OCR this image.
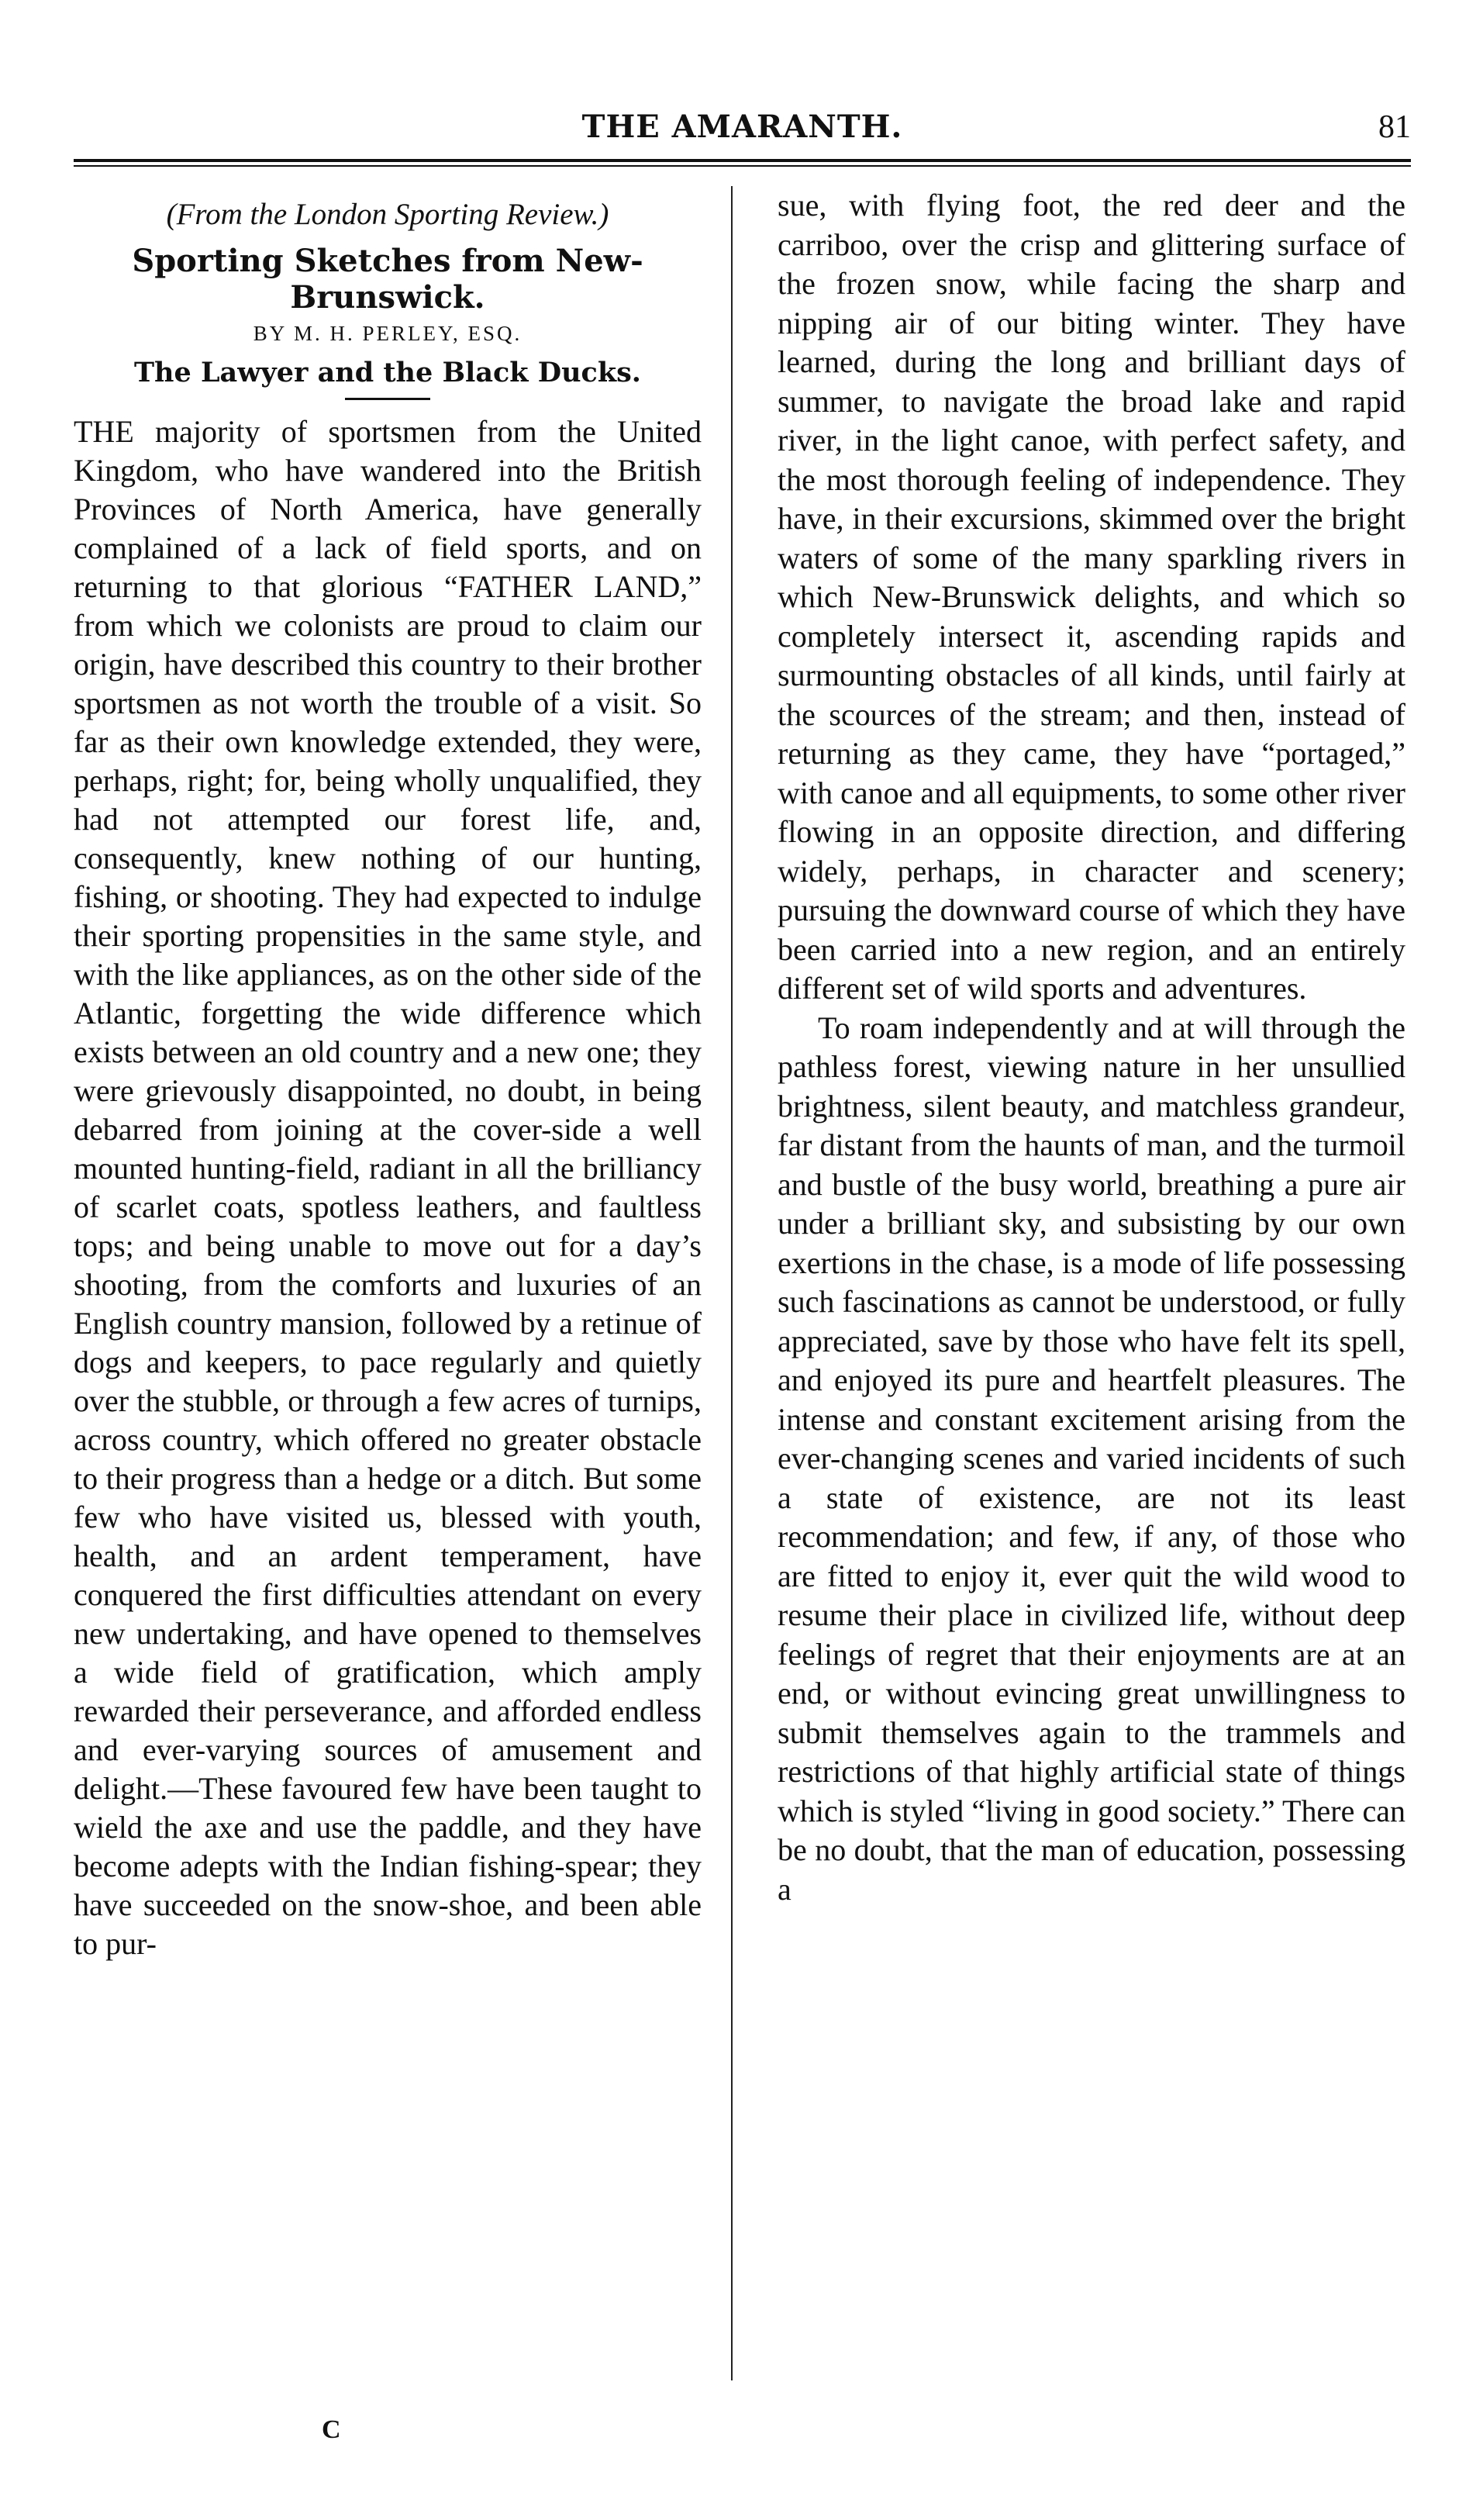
THE AMARANTH.	81
(From the London Sporting Review.)
Sporting Sketches from New-Brunswick.
BY M. H. PERLEY, ESQ.
The Lawyer and the Black Ducks.

THE majority of sportsmen from the United Kingdom, who have wandered into the British Provinces of North America, have generally complained of a lack of field sports, and on returning to that glorious “FATHER LAND,” from which we colonists are proud to claim our origin, have described this country to their brother sportsmen as not worth the trouble of a visit. So far as their own knowledge extended, they were, perhaps, right; for, being wholly unqualified, they had not attempted our forest life, and, consequently, knew nothing of our hunting, fishing, or shooting. They had expected to indulge their sporting propensities in the same style, and with the like appliances, as on the other side of the Atlantic, forgetting the wide difference which exists between an old country and a new one; they were grievously disappointed, no doubt, in being debarred from joining at the cover-side a well mounted hunting-field, radiant in all the brilliancy of scarlet coats, spotless leathers, and faultless tops; and being unable to move out for a day’s shooting, from the comforts and luxuries of an English country mansion, followed by a retinue of dogs and keepers, to pace regularly and quietly over the stubble, or through a few acres of turnips, across country, which offered no greater obstacle to their progress than a hedge or a ditch. But some few who have visited us, blessed with youth, health, and an ardent temperament, have conquered the first difficulties attendant on every new undertaking, and have opened to themselves a wide field of gratification, which amply rewarded their perseverance, and afforded endless and ever-varying sources of amusement and delight.—These favoured few have been taught to wield the axe and use the paddle, and they have become adepts with the Indian fishing-spear; they have succeeded on the snow-shoe, and been able to pur-

sue, with flying foot, the red deer and the carriboo, over the crisp and glittering surface of the frozen snow, while facing the sharp and nipping air of our biting winter. They have learned, during the long and brilliant days of summer, to navigate the broad lake and rapid river, in the light canoe, with perfect safety, and the most thorough feeling of independence. They have, in their excursions, skimmed over the bright waters of some of the many sparkling rivers in which New-Brunswick delights, and which so completely intersect it, ascending rapids and surmounting obstacles of all kinds, until fairly at the scources of the stream; and then, instead of returning as they came, they have “portaged,” with canoe and all equipments, to some other river flowing in an opposite direction, and differing widely, perhaps, in character and scenery; pursuing the downward course of which they have been carried into a new region, and an entirely different set of wild sports and adventures.

To roam independently and at will through the pathless forest, viewing nature in her unsullied brightness, silent beauty, and matchless grandeur, far distant from the haunts of man, and the turmoil and bustle of the busy world, breathing a pure air under a brilliant sky, and subsisting by our own exertions in the chase, is a mode of life possessing such fascinations as cannot be understood, or fully appreciated, save by those who have felt its spell, and enjoyed its pure and heartfelt pleasures. The intense and constant excitement arising from the ever-changing scenes and varied incidents of such a state of existence, are not its least recommendation; and few, if any, of those who are fitted to enjoy it, ever quit the wild wood to resume their place in civilized life, without deep feelings of regret that their enjoyments are at an end, or without evincing great unwillingness to submit themselves again to the trammels and restrictions of that highly artificial state of things which is styled “living in good society.” There can be no doubt, that the man of education, possessing a

C
